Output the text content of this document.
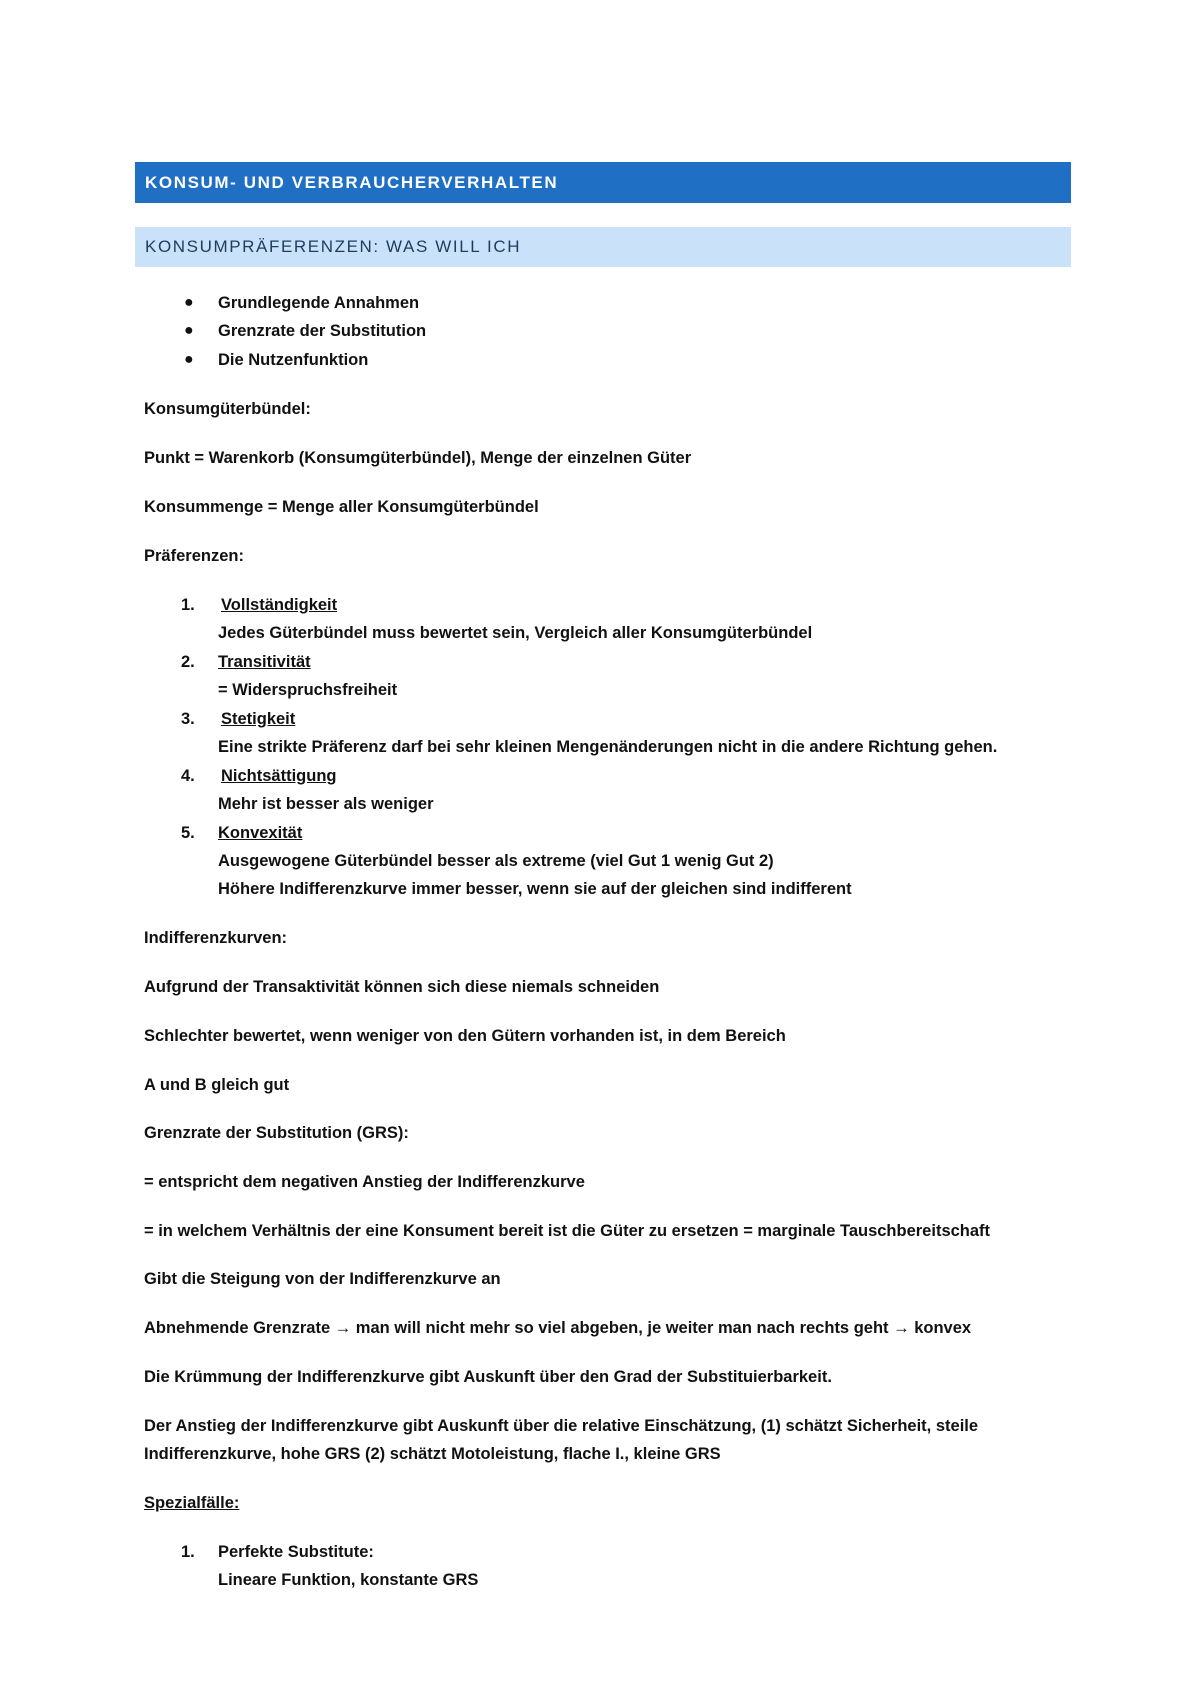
KONSUM- UND VERBRAUCHERVERHALTEN
KONSUMPRÄFERENZEN: WAS WILL ICH
● Grundlegende Annahmen
● Grenzrate der Substitution
● Die Nutzenfunktion
Konsumgüterbündel:
Punkt = Warenkorb (Konsumgüterbündel), Menge der einzelnen Güter
Konsummenge = Menge aller Konsumgüterbündel
Präferenzen:
1. Vollständigkeit
Jedes Güterbündel muss bewertet sein, Vergleich aller Konsumgüterbündel
2. Transitivität
= Widerspruchsfreiheit
3. Stetigkeit
Eine strikte Präferenz darf bei sehr kleinen Mengenänderungen nicht in die andere Richtung gehen.
4. Nichtsättigung
Mehr ist besser als weniger
5. Konvexität
Ausgewogene Güterbündel besser als extreme (viel Gut 1 wenig Gut 2)
Höhere Indifferenzkurve immer besser, wenn sie auf der gleichen sind indifferent
Indifferenzkurven:
Aufgrund der Transaktivität können sich diese niemals schneiden
Schlechter bewertet, wenn weniger von den Gütern vorhanden ist, in dem Bereich
A und B gleich gut
Grenzrate der Substitution (GRS):
= entspricht dem negativen Anstieg der Indifferenzkurve
= in welchem Verhältnis der eine Konsument bereit ist die Güter zu ersetzen = marginale Tauschbereitschaft
Gibt die Steigung von der Indifferenzkurve an
Abnehmende Grenzrate → man will nicht mehr so viel abgeben, je weiter man nach rechts geht → konvex
Die Krümmung der Indifferenzkurve gibt Auskunft über den Grad der Substituierbarkeit.
Der Anstieg der Indifferenzkurve gibt Auskunft über die relative Einschätzung, (1) schätzt Sicherheit, steile
Indifferenzkurve, hohe GRS (2) schätzt Motoleistung, flache I., kleine GRS
Spezialfälle:
1. Perfekte Substitute:
Lineare Funktion, konstante GRS
